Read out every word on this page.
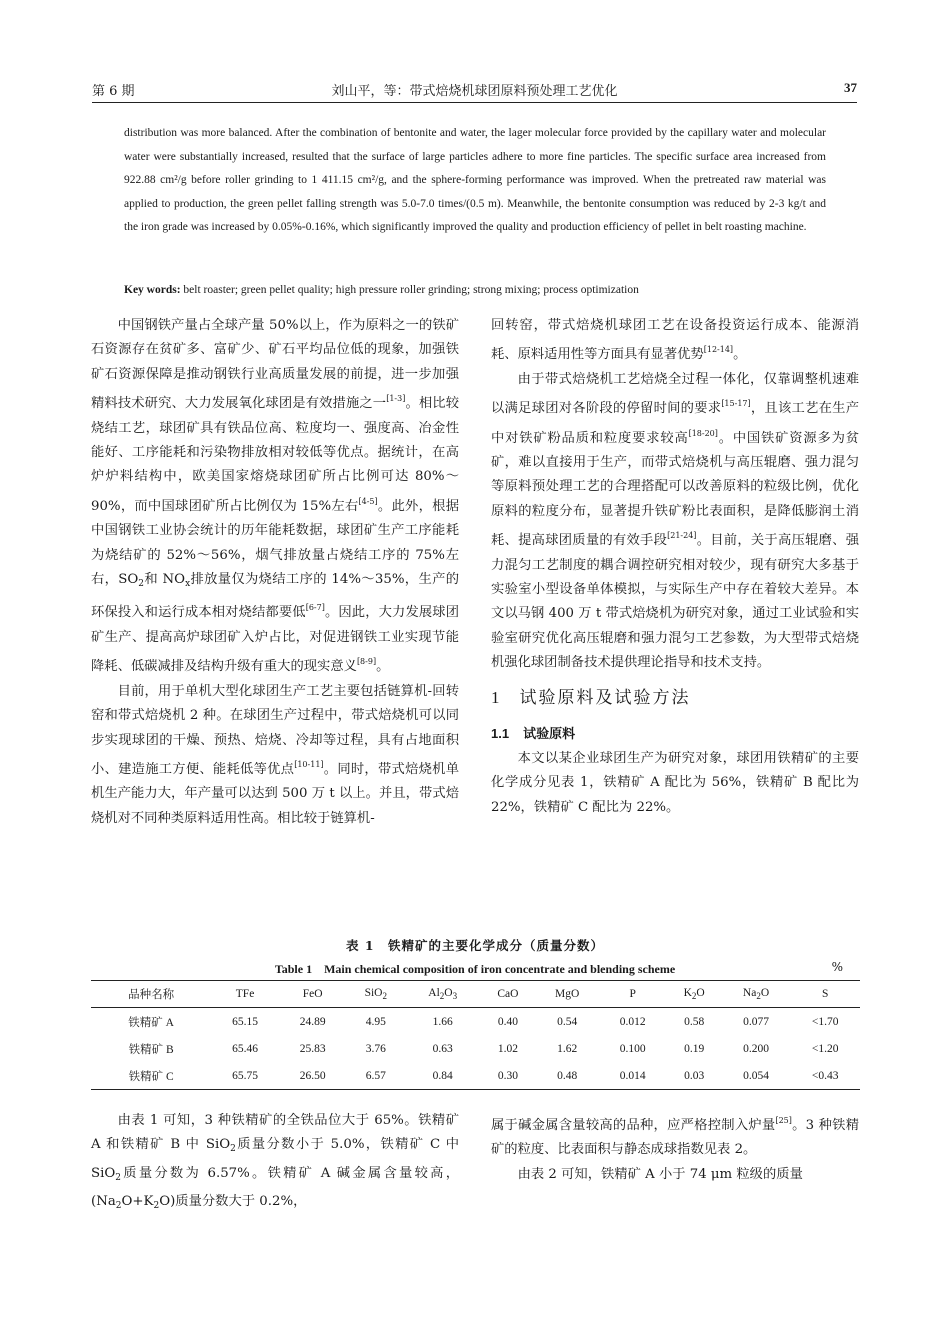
第 6 期	刘山平，等：带式焙烧机球团原料预处理工艺优化	37
distribution was more balanced. After the combination of bentonite and water, the lager molecular force provided by the capillary water and molecular water were substantially increased, resulted that the surface of large particles adhere to more fine particles. The specific surface area increased from 922.88 cm²/g before roller grinding to 1 411.15 cm²/g, and the sphere-forming performance was improved. When the pretreated raw material was applied to production, the green pellet falling strength was 5.0-7.0 times/(0.5 m). Meanwhile, the bentonite consumption was reduced by 2-3 kg/t and the iron grade was increased by 0.05%-0.16%, which significantly improved the quality and production efficiency of pellet in belt roasting machine.
Key words: belt roaster; green pellet quality; high pressure roller grinding; strong mixing; process optimization

中国钢铁产量占全球产量 50%以上，作为原料之一的铁矿石资源存在贫矿多、富矿少、矿石平均品位低的现象，加强铁矿石资源保障是推动钢铁行业高质量发展的前提，进一步加强精料技术研究、大力发展氧化球团是有效措施之一[1-3]。相比较烧结工艺，球团矿具有铁品位高、粒度均一、强度高、冶金性能好、工序能耗和污染物排放相对较低等优点。据统计，在高炉炉料结构中，欧美国家熔烧球团矿所占比例可达 80%～90%，而中国球团矿所占比例仅为 15%左右[4-5]。此外，根据中国钢铁工业协会统计的历年能耗数据，球团矿生产工序能耗为烧结矿的 52%～56%，烟气排放量占烧结工序的 75%左右，$SO_2$和 $NO_x$排放量仅为烧结工序的 14%～35%，生产的环保投入和运行成本相对烧结都要低[6-7]。因此，大力发展球团矿生产、提高高炉球团矿入炉占比，对促进钢铁工业实现节能降耗、低碳减排及结构升级有重大的现实意义[8-9]。

目前，用于单机大型化球团生产工艺主要包括链算机-回转窑和带式焙烧机 2 种。在球团生产过程中，带式焙烧机可以同步实现球团的干燥、预热、焙烧、冷却等过程，具有占地面积小、建造施工方便、能耗低等优点[10-11]。同时，带式焙烧机单机生产能力大，年产量可以达到 500 万 t 以上。并且，带式焙烧机对不同种类原料适用性高。相比较于链算机-

回转窑，带式焙烧机球团工艺在设备投资运行成本、能源消耗、原料适用性等方面具有显著优势[12-14]。

由于带式焙烧机工艺焙烧全过程一体化，仅靠调整机速难以满足球团对各阶段的停留时间的要求[15-17]，且该工艺在生产中对铁矿粉品质和粒度要求较高[18-20]。中国铁矿资源多为贫矿，难以直接用于生产，而带式焙烧机与高压辊磨、强力混匀等原料预处理工艺的合理搭配可以改善原料的粒级比例，优化原料的粒度分布，显著提升铁矿粉比表面积，是降低膨润土消耗、提高球团质量的有效手段[21-24]。目前，关于高压辊磨、强力混匀工艺制度的耦合调控研究相对较少，现有研究大多基于实验室小型设备单体模拟，与实际生产中存在着较大差异。本文以马钢 400 万 t 带式焙烧机为研究对象，通过工业试验和实验室研究优化高压辊磨和强力混匀工艺参数，为大型带式焙烧机强化球团制备技术提供理论指导和技术支持。

1 试验原料及试验方法
1.1 试验原料

本文以某企业球团生产为研究对象，球团用铁精矿的主要化学成分见表 1，铁精矿 A 配比为 56%，铁精矿 B 配比为 22%，铁精矿 C 配比为 22%。

表 1　铁精矿的主要化学成分（质量分数）
Table 1　Main chemical composition of iron concentrate and blending scheme	%
品种名称	TFe	FeO	SiO$_2$	$Al_2O_3$	CaO	MgO	P	$K_2O$	$Na_2O$	S
铁精矿 A	65.15	24.89	4.95	1.66	0.40	0.54	0.012	0.58	0.077	<1.70
铁精矿 B	65.46	25.83	3.76	0.63	1.02	1.62	0.100	0.19	0.200	<1.20
铁精矿 C	65.75	26.50	6.57	0.84	0.30	0.48	0.014	0.03	0.054	<0.43

由表 1 可知，3 种铁精矿的全铁品位大于 65%。铁精矿 A 和铁精矿 B 中 SiO$_2$质量分数小于 5.0%，铁精矿 C 中 SiO$_2$质量分数为 6.57%。铁精矿 A 碱金属含量较高，$(Na_2O+K_2O)$质量分数大于 0.2%，

属于碱金属含量较高的品种，应严格控制入炉量[25]。3 种铁精矿的粒度、比表面积与静态成球指数见表 2。

由表 2 可知，铁精矿 A 小于 74 μm 粒级的质量
